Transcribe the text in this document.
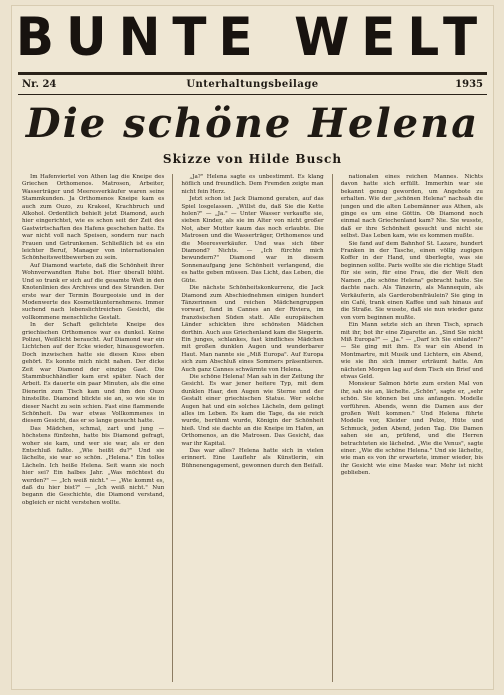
BUNTE WELT
Nr. 24	Unterhaltungsbeilage	1935
Die schöne Helena
Skizze von Hilde Busch

Im Hafenviertel von Athen lag die Kneipe des Griechen Orthomenos. Matrosen, Arbeiter, Wasserträger und Meeresverkäufer waren seine Stammkunden. Ja Orthomenos Kneipe kam es auch zum Ouzo, zu Krakeel, Krachbruch und Alkohol. Ordentlich behielt jetzt Diamond, auch hier eingerichtet, wie es schon seit der Zeit des Gastwirtschaften des Hafens geschehen hatte. Es war nicht voll nach Speisen, sondern nur nach Frauen und Getrunkenen. Schließlich ist es ein leichter Beruf, Manager von internationalen Schönheitswettbewerben zu sein.

Auf Diamond wartete, daß die Schönheit ihrer Wohnverwandten Ruhe bot. Hier überall blüht. Und so trank er sich auf die gesamte Welt in den Knotenlinien des Archives und des Stranden. Der erste war der Termin Bourgeoisie und in der Modenwerte des Kosmetikunternehmens. Immer suchend nach lebenslichtreichen Gesicht, die vollkommene menschliche Gestalt.

In der Schaft gelichtete Kneipe des griechischen Orthomenos war es dunkel. Keine Polizei, Weißlicht beraucht. Auf Diamond war ein Lichtchen auf der Ecke wieder, hinausgeworfen. Doch inzwischen hatte sie diesen Kuss eben gehört. Es konnte mich nicht nahen. Der dicke Zeit war Diamond der einzige Gast. Die Stammbuchhändler kam erst später. Nach der Arbeit. Es dauerte ein paar Minuten, als die eine Dienerin zum Tisch kam und ihm den Ouzo hinstellte. Diamond blickte sie an, so wie sie in dieser Nacht zu sein schien. Fast eine flammende Schönheit. Da war etwas Vollkommenes in diesem Gesicht, das er so lange gesucht hatte.

Das Mädchen, schmal, zart und jung — höchstens fünfzehn, hatte bis Diamond gefragt, woher sie kam, und wer sie war, als er den Entschluß faßte. „Wie heißt du?" Und sie lächelte, sie war so schön. „Helena." Ein tolles Lächeln. Ich heiße Helena. Seit wann sie noch hier sei? Ein halbes Jahr. „Was möchtest du werden?" — „Ich weiß nicht." — „Wie kommt es, daß du hier bist?" — „Ich weiß nicht." Nun begann die Geschichte, die Diamond verstand, obgleich er nicht verstehen wollte.

„Ja?" Helena sagte es unbestimmt. Es klang höflich und freundlich. Dem Fremden zeigte man nicht fein Herz.

Jetzt schon ist Jack Diamond geraten, auf das Spiel losgelassen. „Willst du, daß Sie die Kette holen?" — „Ja." — Unter Wasser verkaufte sie, sieben Kinder, als sie im Alter von nicht großer Not, aber Mutter kaum das noch erlaubte. Die Matrosen und die Wasserträger, Orthomenos und die Meeresverkäufer. Und was sich über Diamond? Nichts. — „Ich fürchte mich bewundern?" Diamond war in diesem Sonnenaufgang jene Schönheit verlangend, die es hatte geben müssen. Das Licht, das Leben, die Güte.

Die nächste Schönheitskonkurrenz, die Jack Diamond zum Abschiednehmen einigen hundert Tänzerinnen und reichen Mädchengruppen vorwarf, fand in Cannes an der Riviera, im französischen Süden statt. Alle europäischen Länder schickten ihre schönsten Mädchen dorthin. Auch aus Griechenland kam die Siegerin. Ein junges, schlankes, fast kindliches Mädchen mit großen dunklen Augen und wunderbarer Haut. Man nannte sie „Miß Europa". Auf Europa sich zum Abschluß eines Sommers präsentieren. Auch ganz Cannes schwärmte von Helena.

Die schöne Helena! Man sah in der Zeitung ihr Gesicht. Es war jener heitere Typ, mit dem dunklen Haar, den Augen wie Sterne und der Gestalt einer griechischen Statue. Wer solche Augen hat und ein solches Lächeln, dem gelingt alles im Leben. Es kam die Tage, da sie reich wurde, berühmt wurde, Königin der Schönheit hieß. Und sie dachte an die Kneipe im Hafen, an Orthomenos, an die Matrosen. Das Gesicht, das war ihr Kapital.

Das war alles? Helena hatte sich in vielen erinnert. Eine Lauflehr als Künstlerin, ein Bühnenengagement, gewonnen durch den Beifall.

nationalen eines reichen Mannes. Nichts davon hatte sich erfüllt. Immerhin war sie bekannt genug geworden, um Angebote zu erhalten. Wie der „schönen Helena" nachsah die jungen und die alten Lebemänner aus Athen, als ginge es um eine Göttin. Ob Diamond noch einmal nach Griechenland kam? Nie. Sie wusste, daß er ihre Schönheit gesucht und nicht sie selbst. Das Leben kam, wie es kommen mußte.

Sie fand auf dem Bahnhof St. Lazare, hundert Franken in der Tasche, einen völlig zugigen Koffer in der Hand, und überlegte, was sie beginnen sollte. Paris wollte sie die richtige Stadt für sie sein, für eine Frau, die der Welt den Namen „die schöne Helena" gebracht hatte. Sie dachte nach. Als Tänzerin, als Mannequin, als Verkäuferin, als Garderobenfräulein? Sie ging in ein Café, trank einen Kaffee und sah hinaus auf die Straße. Sie wusste, daß sie nun wieder ganz von vorn beginnen mußte.

Ein Mann setzte sich an ihren Tisch, sprach mit ihr, bot ihr eine Zigarette an. „Sind Sie nicht Miß Europa?" — „Ja." — „Darf ich Sie einladen?" — Sie ging mit ihm. Es war ein Abend in Montmartre, mit Musik und Lichtern, ein Abend, wie sie ihn sich immer erträumt hatte. Am nächsten Morgen lag auf dem Tisch ein Brief und etwas Geld.

Monsieur Salmon hörte zum ersten Mal von ihr, sah sie an, lächelte. „Schön", sagte er, „sehr schön. Sie können bei uns anfangen. Modelle vorführen. Abends, wenn die Damen aus der großen Welt kommen." Und Helena führte Modelle vor, Kleider und Pelze, Hüte und Schmuck, jeden Abend, jeden Tag. Die Damen sahen sie an, prüfend, und die Herren betrachteten sie lächelnd. „Wie die Venus", sagte einer. „Wie die schöne Helena." Und sie lächelte, wie man es von ihr erwartete, immer wieder, bis ihr Gesicht wie eine Maske war. Mehr ist nicht geblieben.
